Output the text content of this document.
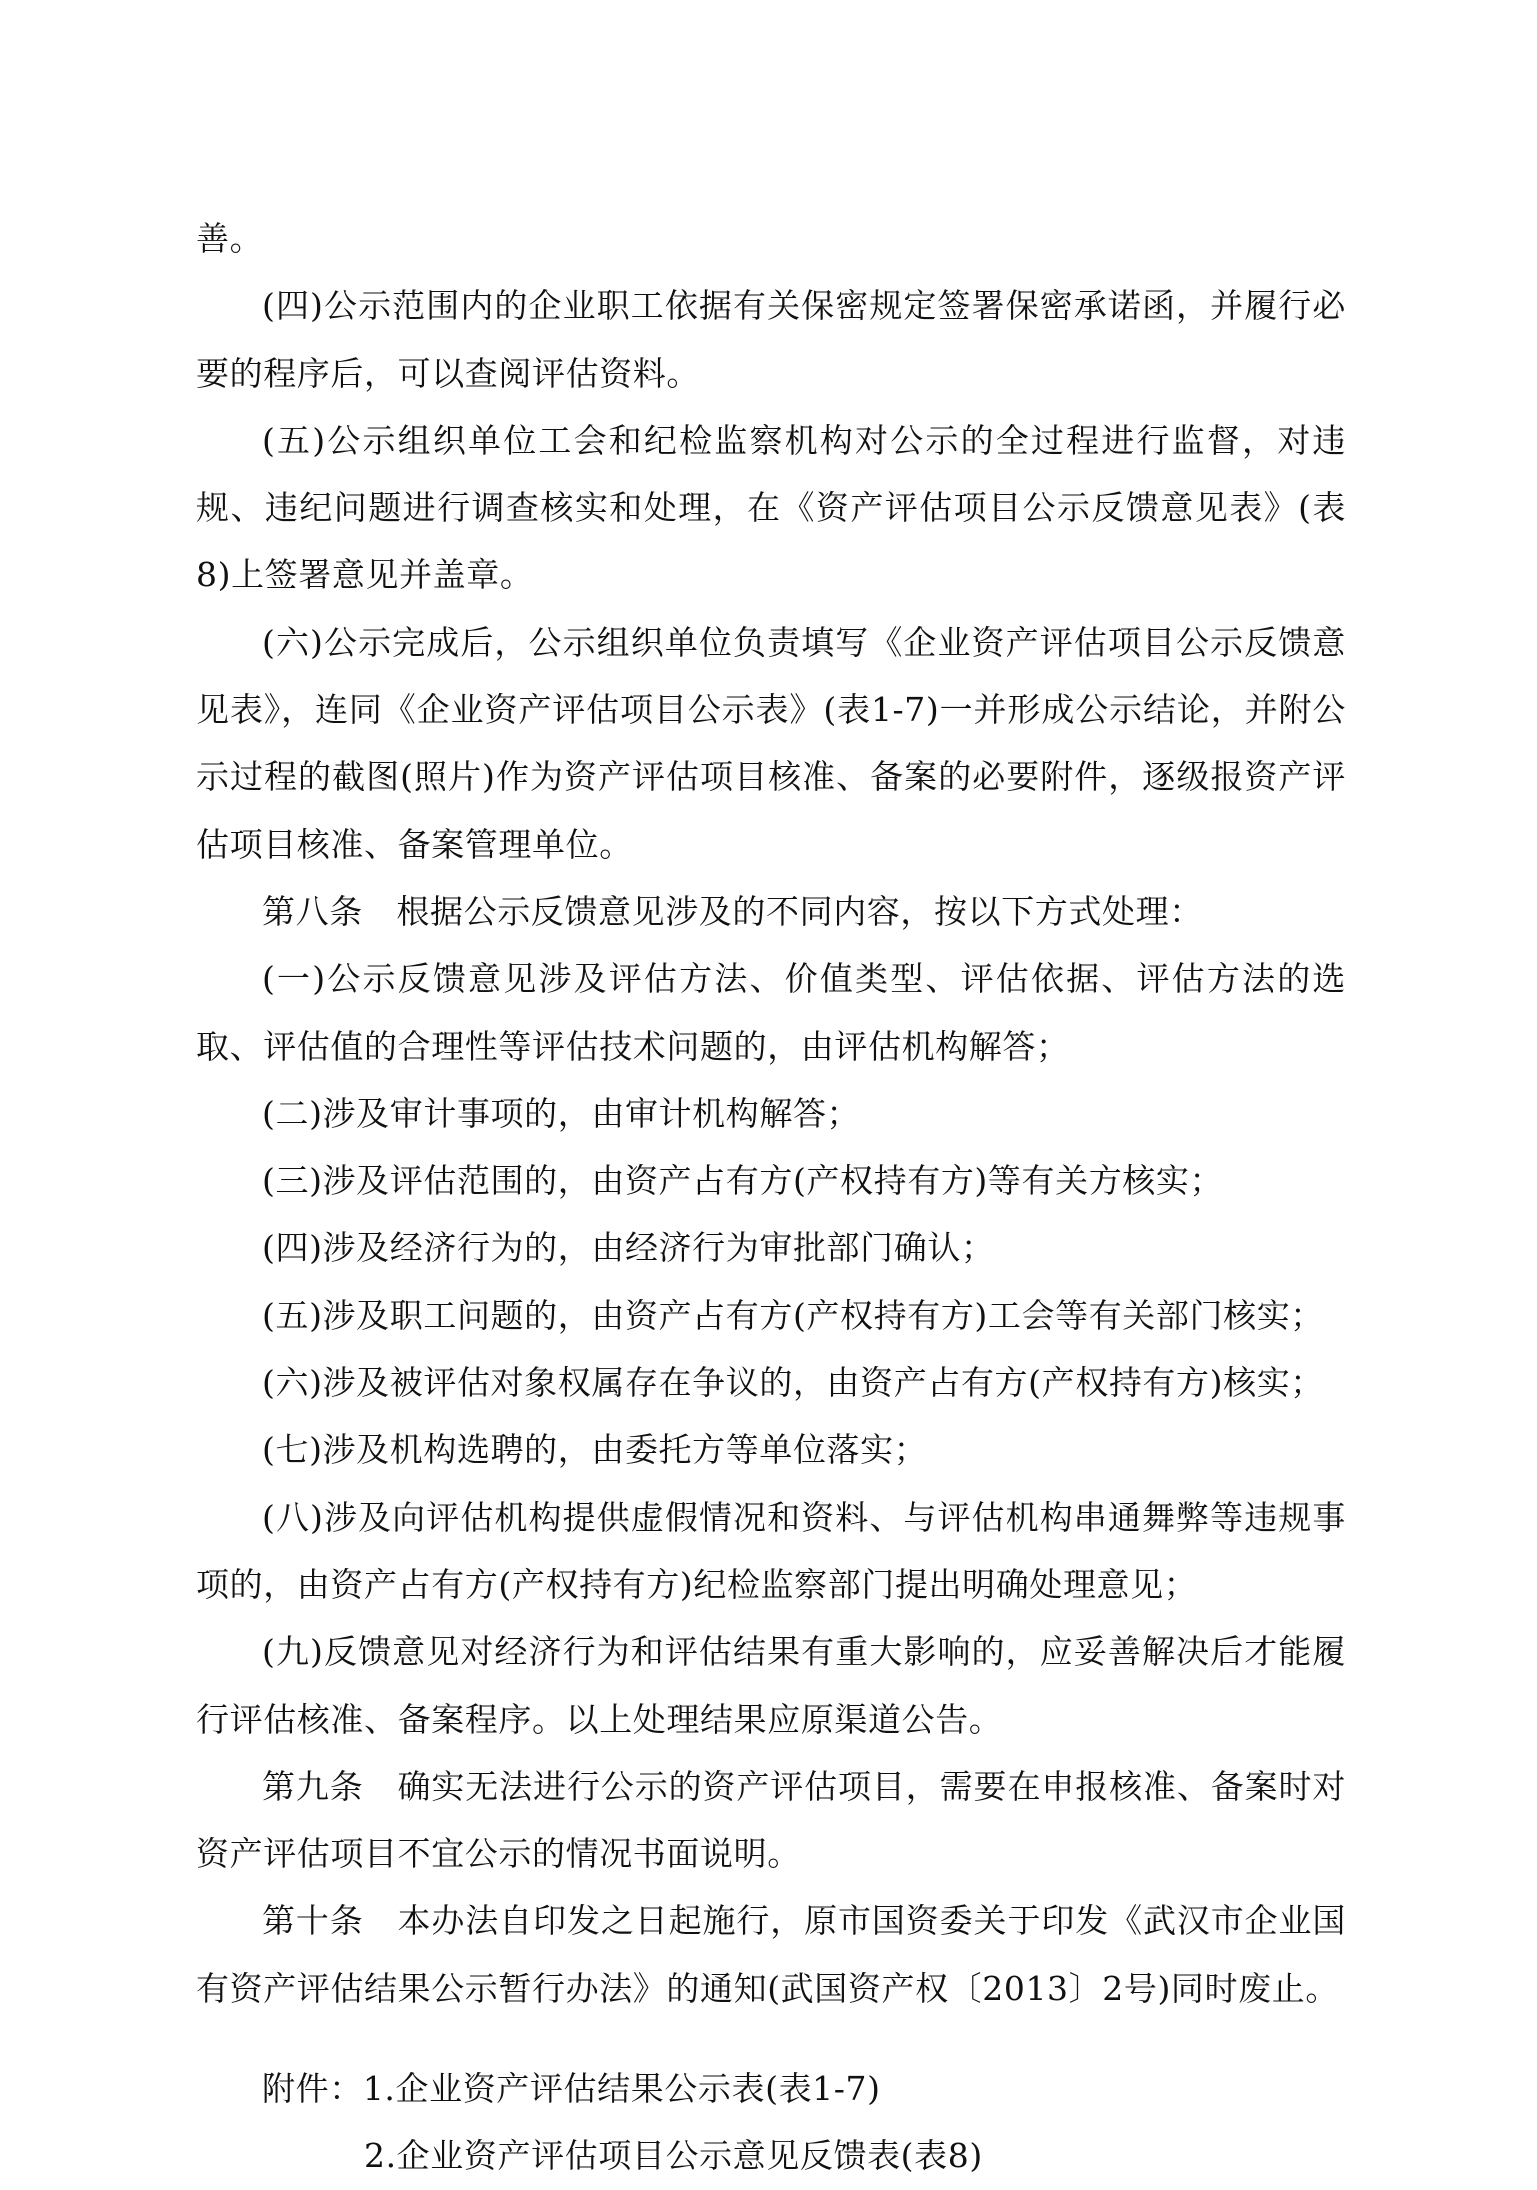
善。

(四)公示范围内的企业职工依据有关保密规定签署保密承诺函，并履行必要的程序后，可以查阅评估资料。

(五)公示组织单位工会和纪检监察机构对公示的全过程进行监督，对违规、违纪问题进行调查核实和处理，在《资产评估项目公示反馈意见表》(表8)上签署意见并盖章。

(六)公示完成后，公示组织单位负责填写《企业资产评估项目公示反馈意见表》，连同《企业资产评估项目公示表》(表1-7)一并形成公示结论，并附公示过程的截图(照片)作为资产评估项目核准、备案的必要附件，逐级报资产评估项目核准、备案管理单位。

第八条　根据公示反馈意见涉及的不同内容，按以下方式处理：

(一)公示反馈意见涉及评估方法、价值类型、评估依据、评估方法的选取、评估值的合理性等评估技术问题的，由评估机构解答；

(二)涉及审计事项的，由审计机构解答；

(三)涉及评估范围的，由资产占有方(产权持有方)等有关方核实；

(四)涉及经济行为的，由经济行为审批部门确认；

(五)涉及职工问题的，由资产占有方(产权持有方)工会等有关部门核实；

(六)涉及被评估对象权属存在争议的，由资产占有方(产权持有方)核实；

(七)涉及机构选聘的，由委托方等单位落实；

(八)涉及向评估机构提供虚假情况和资料、与评估机构串通舞弊等违规事项的，由资产占有方(产权持有方)纪检监察部门提出明确处理意见；

(九)反馈意见对经济行为和评估结果有重大影响的，应妥善解决后才能履行评估核准、备案程序。以上处理结果应原渠道公告。

第九条　确实无法进行公示的资产评估项目，需要在申报核准、备案时对资产评估项目不宜公示的情况书面说明。

第十条　本办法自印发之日起施行，原市国资委关于印发《武汉市企业国有资产评估结果公示暂行办法》的通知(武国资产权〔2013〕2号)同时废止。

附件：1.企业资产评估结果公示表(表1-7)
2.企业资产评估项目公示意见反馈表(表8)
